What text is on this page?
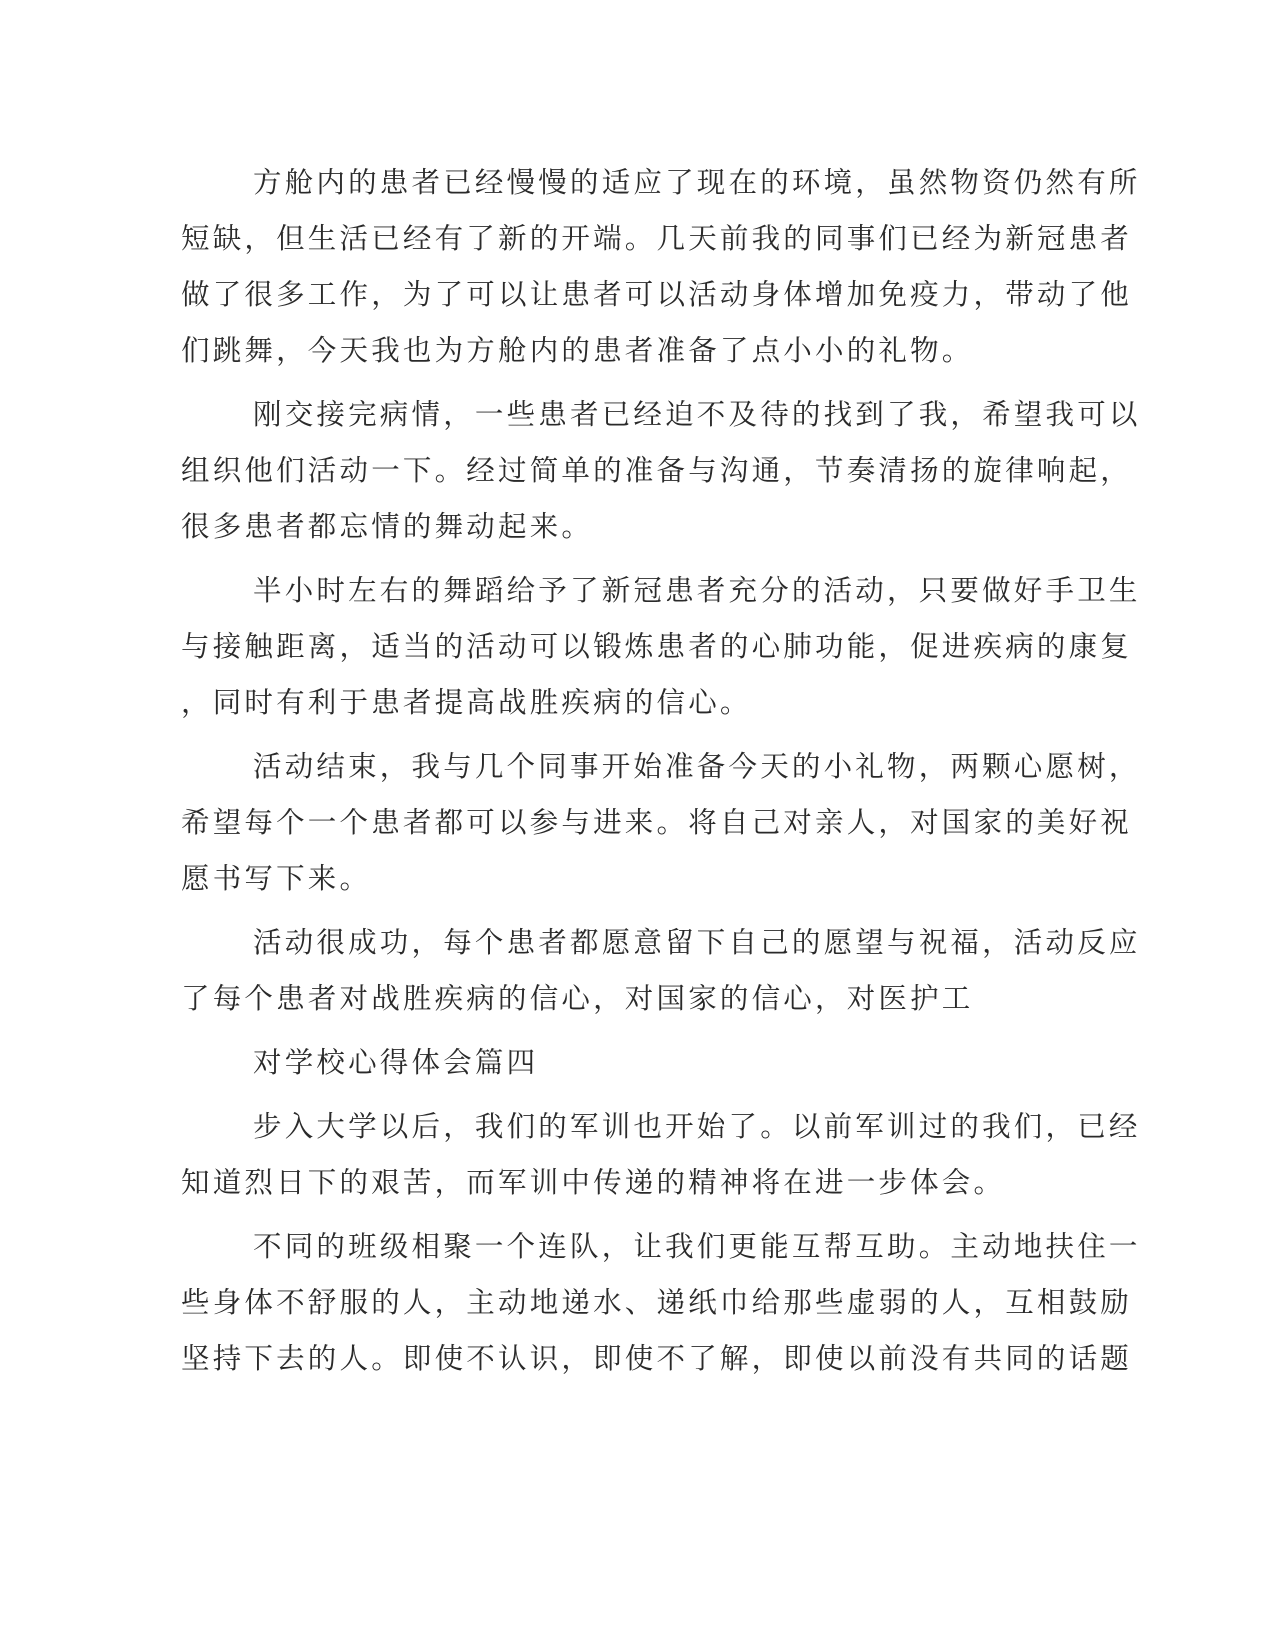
方舱内的患者已经慢慢的适应了现在的环境，虽然物资仍然有所
短缺，但生活已经有了新的开端。几天前我的同事们已经为新冠患者
做了很多工作，为了可以让患者可以活动身体增加免疫力，带动了他
们跳舞，今天我也为方舱内的患者准备了点小小的礼物。
刚交接完病情，一些患者已经迫不及待的找到了我，希望我可以
组织他们活动一下。经过简单的准备与沟通，节奏清扬的旋律响起，
很多患者都忘情的舞动起来。
半小时左右的舞蹈给予了新冠患者充分的活动，只要做好手卫生
与接触距离，适当的活动可以锻炼患者的心肺功能，促进疾病的康复
，同时有利于患者提高战胜疾病的信心。
活动结束，我与几个同事开始准备今天的小礼物，两颗心愿树，
希望每个一个患者都可以参与进来。将自己对亲人，对国家的美好祝
愿书写下来。
活动很成功，每个患者都愿意留下自己的愿望与祝福，活动反应
了每个患者对战胜疾病的信心，对国家的信心，对医护工
对学校心得体会篇四
步入大学以后，我们的军训也开始了。以前军训过的我们，已经
知道烈日下的艰苦，而军训中传递的精神将在进一步体会。
不同的班级相聚一个连队，让我们更能互帮互助。主动地扶住一
些身体不舒服的人，主动地递水、递纸巾给那些虚弱的人，互相鼓励
坚持下去的人。即使不认识，即使不了解，即使以前没有共同的话题
